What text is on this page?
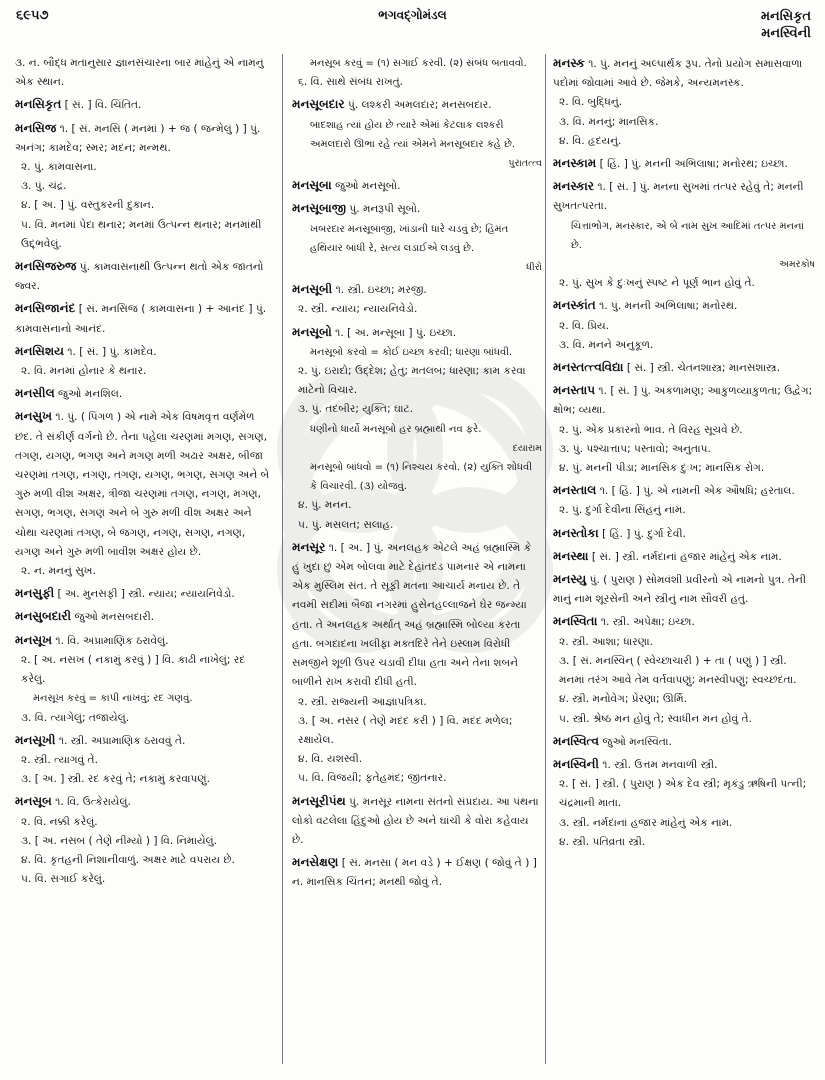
૬૯૫૭	ભગવદ્ગોમંડલ	મનસિકૃત
મનસ્વિની
૩. ન. બૌદ્ધ મતાનુસાર જ્ઞાનસંચારના બાર માંહેનું એ નામનું એક સ્થાન.
મનસિકૃત [ સં. ] વિ. ચિંતિત.
મનસિજ ૧. [ સં. મનસિ ( મનમાં ) + જ ( જન્મેલું ) ] પું. અનંગ; કામદેવ; સ્મર; મદન; મન્મથ.
૨. પું. કામવાસના.
૩. પું. ચંદ્ર.
૪. [ અ. ] પું. વસ્તુકરની દુકાન.
૫. વિ. મનમાં પેદા થનાર; મનમાં ઉત્પન્ન થનાર; મનમાંથી ઉદ્દ્ભવેલું.
મનસિજરુજ પું. કામવાસનાથી ઉત્પન્ન થતો એક જાતનો જ્વર.
મનસિજાનંદ [ સં. મનસિજ ( કામવાસના ) + આનંદ ] પું. કામવાસનાનો આનંદ.
મનસિશય ૧. [ સં. ] પું. કામદેવ.
૨. વિ. મનમાં હોનાર કે થનાર.
મનસીલ જુઓ મનશિલ.
મનસુખ ૧. પું. ( પિંગળ ) એ નામે એક વિષમવૃત્ત વર્ણમેળ છંદ. તે સંકીર્ણ વર્ગનો છે. તેના પહેલા ચરણમાં મગણ, સગણ, તગણ, યગણ, ભગણ અને મગણ મળી અઢાર અક્ષર, બીજા ચરણમાં તગણ, નગણ, તગણ, યગણ, ભગણ, સગણ અને બે ગુરુ મળી વીશ અક્ષર, ત્રીજા ચરણમાં તગણ, નગણ, મગણ, સગણ, ભગણ, સગણ અને બે ગુરુ મળી વીશ અક્ષર અને ચોથા ચરણમાં તગણ, બે જગણ, નગણ, સગણ, નગણ, યગણ અને ગુરુ મળી બાવીશ અક્ષર હોય છે.
૨. ન. મનનું સુખ.
મનસુફી [ અ. મુનસફી ] સ્ત્રી. ન્યાય; ન્યાયનિવેડો.
મનસુબદારી જુઓ મનસબદારી.
મનસૂખ ૧. વિ. અપ્રામાણિક ઠરાવેલું.
૨. [ અ. નસખ ( નકામું કરવું ) ] વિ. કાઢી નાખેલું; રદ કરેલું.
મનસૂખ કરવું = કાપી નાખવું; રદ ગણવું.
૩. વિ. ત્યાગેલું; તજાયેલું.
મનસૂખી ૧. સ્ત્રી. અપ્રામાણિક ઠરાવવું તે.
૨. સ્ત્રી. ત્યાગવું તે.
૩. [ અ. ] સ્ત્રી. રદ કરવું તે; નકામું કરવાપણું.
મનસૂબ ૧. વિ. ઉત્કેરાયેલું.
૨. વિ. નક્કી કરેલું.
૩. [ અ. નસબ ( તેણે નીમ્યો ) ] વિ. નિમાયેલું.
૪. વિ. કૃતહની નિશાનીવાળું. અક્ષર માટે વપરાય છે.
૫. વિ. સગાઈ કરેલું.
મનસૂબ કરવું = (૧) સગાઈ કરવી. (૨) સંબંધ બતાવવો.
૬. વિ. સાથે સંબંધ રાખતું.
મનસૂબદાર પું. લશ્કરી અમલદાર; મનસબદાર.
બાદશાહ ત્યાં હોય છે ત્યારે એમાં કેટલાક લશ્કરી અમલદારો ઊભા રહે ત્યાં એમને મનસૂબદાર કહે છે.
પુરાતત્ત્વ
મનસૂબા જુઓ મનસૂબો.
મનસૂબાજી પું. મનરૂપી સૂબો.
ખબરદાર મનસૂબાજી, ખાંડાની ધારે ચડવું છે; હિંમત હથિયાર બાંધી રે, સત્ય લડાઈએ લડવું છે.
ધીરો
મનસૂબી ૧. સ્ત્રી. ઇચ્છા; મરજી.
૨. સ્ત્રી. ન્યાય; ન્યાયનિવેડો.
મનસૂબો ૧. [ અ. મન્સૂબા ] પું. ઇચ્છા.
મનસૂબો કરવો = કોઈ ઇચ્છા કરવી; ધારણા બાંધવી.
૨. પું. ઇરાદો; ઉદ્દેશ; હેતુ; મતલબ; ધારણા; કામ કરવા માટેનો વિચાર.
૩. પું. તદબીર; યુક્તિ; ઘાટ.
ધણીનો ધાર્યો મનસૂબો હર બ્રહ્માથી નવ ફરે.
દયારામ
મનસૂબો બાંધવો = (૧) નિશ્ચય કરવો. (૨) યુક્તિ શોધવી કે વિચારવી. (૩) યોજવું.
૪. પું. મનન.
૫. પું. મસલત; સલાહ.
મનસૂર ૧. [ અ. ] પું. અનલહક એટલે અહં બ્રહ્માસ્મિ કે હું ખુદા છું એમ બોલવા માટે દેહાંતદંડ પામનાર એ નામના એક મુસ્લિમ સંત. તે સૂફી મતના આચાર્ય મનાય છે. તે નવમી સદીમાં બૈજા નગરમાં હુસેનહલ્લાજને ઘેર જન્મ્યા હતા. તે અનલહક અર્થાત્ અહં બ્રહ્માસ્મિ બોલ્યા કરતા હતા. બગદાદના ખલીફા મક્તદિરે તેને ઇસ્લામ વિરોધી સમજીને શૂળી ઉપર ચડાવી દીધા હતા અને તેના શબને બાળીને રાખ કરાવી દીધી હતી.
૨. સ્ત્રી. રાજ્યની આજ્ઞાપત્રિકા.
૩. [ અ. નસર ( તેણે મદદ કરી ) ] વિ. મદદ મળેલ; રક્ષાયેલ.
૪. વિ. યશસ્વી.
૫. વિ. વિજયી; ફતેહમંદ; જીતનાર.
મનસૂરીપંથ પું. મનસૂર નામના સંતનો સંપ્રદાય. આ પંથના લોકો વટલેલા હિંદુઓ હોય છે અને ઘાંચી કે વોરા કહેવાય છે.
મનસેક્ષણ [ સં. મનસા ( મન વડે ) + ઈક્ષણ ( જોવું તે ) ] ન. માનસિક ચિંતન; મનથી જોવું તે.
મનસ્ક ૧. પું. મનનું અલ્પાર્થક રૂપ. તેનો પ્રયોગ સમાસવાળા પદોમાં જોવામાં આવે છે. જેમકે, અન્યમનસ્ક.
૨. વિ. બુદ્ધિનું.
૩. વિ. મનનું; માનસિક.
૪. વિ. હૃદયનું.
મનસ્કામ [ હિં. ] પું. મનની અભિલાષા; મનોરથ; ઇચ્છા.
મનસ્કાર ૧. [ સં. ] પું. મનના સુખમાં તત્પર રહેવું તે; મનની સુખતત્પરતા.
ચિત્તાભોગ, મનસ્કાર, એ બે નામ સુખ આદિમાં તત્પર મનનાં છે.
અમરકોષ
૨. પું. સુખ કે દુઃખનું સ્પષ્ટ ને પૂર્ણ ભાન હોવું તે.
મનસ્કાંત ૧. પું. મનની અભિલાષા; મનોરથ.
૨. વિ. પ્રિય.
૩. વિ. મનને અનુકૂળ.
મનસ્તત્ત્વવિદ્યા [ સં. ] સ્ત્રી. ચેતનશાસ્ત્ર; માનસશાસ્ત્ર.
મનસ્તાપ ૧. [ સં. ] પું. અકળામણ; આકુળવ્યાકુળતા; ઉદ્વેગ; ક્ષોભ; વ્યથા.
૨. પું. એક પ્રકારનો ભાવ. તે વિરહ સૂચવે છે.
૩. પું. પશ્ચાત્તાપ; પસ્તાવો; અનુતાપ.
૪. પું. મનની પીડા; માનસિક દુઃખ; માનસિક રોગ.
મનસ્તાલ ૧. [ હિં. ] પું. એ નામની એક ઔષધિ; હરતાલ.
૨. પું. દુર્ગા દેવીના સિંહનું નામ.
મનસ્તોકા [ હિં. ] પું. દુર્ગા દેવી.
મનસ્થા [ સં. ] સ્ત્રી. નર્મદાનાં હજાર માંહેનું એક નામ.
મનસ્યુ પું. ( પુરાણ ) સોમવંશી પ્રવીરનો એ નામનો પુત્ર. તેની માનું નામ શૂરસેની અને સ્ત્રીનું નામ સૌવરી હતું.
મનસ્વિતા ૧. સ્ત્રી. અપેક્ષા; ઇચ્છા.
૨. સ્ત્રી. આશા; ધારણા.
૩. [ સં. મનસ્વિન્ ( સ્વેચ્છાચારી ) + તા ( પણું ) ] સ્ત્રી. મનમાં તરંગ આવે તેમ વર્તવાપણું; મનસ્વીપણું; સ્વચ્છંદતા.
૪. સ્ત્રી. મનોવેગ; પ્રેરણા; ઊર્મિ.
૫. સ્ત્રી. શ્રેષ્ઠ મન હોવું તે; સ્વાધીન મન હોવું તે.
મનસ્વિત્વ જુઓ મનસ્વિતા.
મનસ્વિની ૧. સ્ત્રી. ઉત્તમ મનવાળી સ્ત્રી.
૨. [ સં. ] સ્ત્રી. ( પુરાણ ) એક દેવ સ્ત્રી; મૃકંડુ ઋષિની પત્ની; ચંદ્રમાની માતા.
૩. સ્ત્રી. નર્મદાનાં હજાર માંહેનું એક નામ.
૪. સ્ત્રી. પતિવ્રતા સ્ત્રી.
